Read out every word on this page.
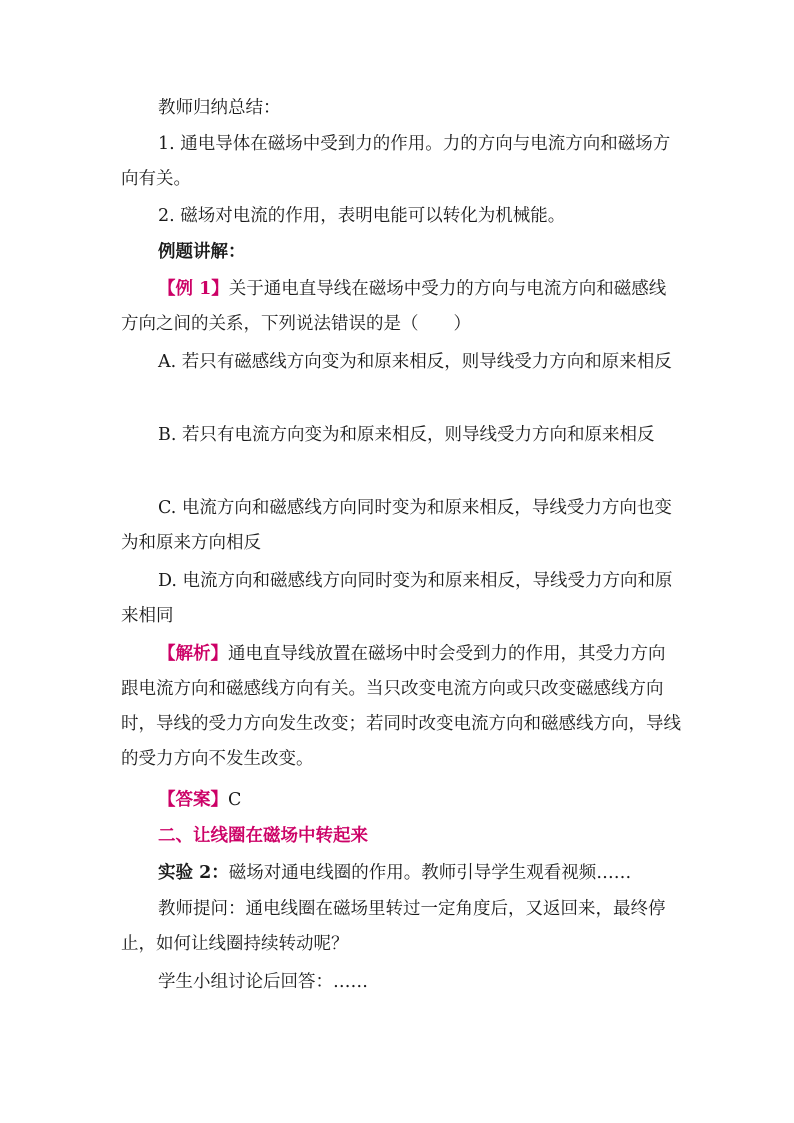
教师归纳总结：

1. 通电导体在磁场中受到力的作用。力的方向与电流方向和磁场方向有关。

2. 磁场对电流的作用，表明电能可以转化为机械能。

例题讲解：

【例 1】关于通电直导线在磁场中受力的方向与电流方向和磁感线方向之间的关系，下列说法错误的是（　　）

A. 若只有磁感线方向变为和原来相反，则导线受力方向和原来相反

B. 若只有电流方向变为和原来相反，则导线受力方向和原来相反

C. 电流方向和磁感线方向同时变为和原来相反，导线受力方向也变为和原来方向相反

D. 电流方向和磁感线方向同时变为和原来相反，导线受力方向和原来相同

【解析】通电直导线放置在磁场中时会受到力的作用，其受力方向跟电流方向和磁感线方向有关。当只改变电流方向或只改变磁感线方向时，导线的受力方向发生改变；若同时改变电流方向和磁感线方向，导线的受力方向不发生改变。

【答案】C

二、让线圈在磁场中转起来

实验 2：磁场对通电线圈的作用。教师引导学生观看视频……

教师提问：通电线圈在磁场里转过一定角度后，又返回来，最终停止，如何让线圈持续转动呢？

学生小组讨论后回答：……
